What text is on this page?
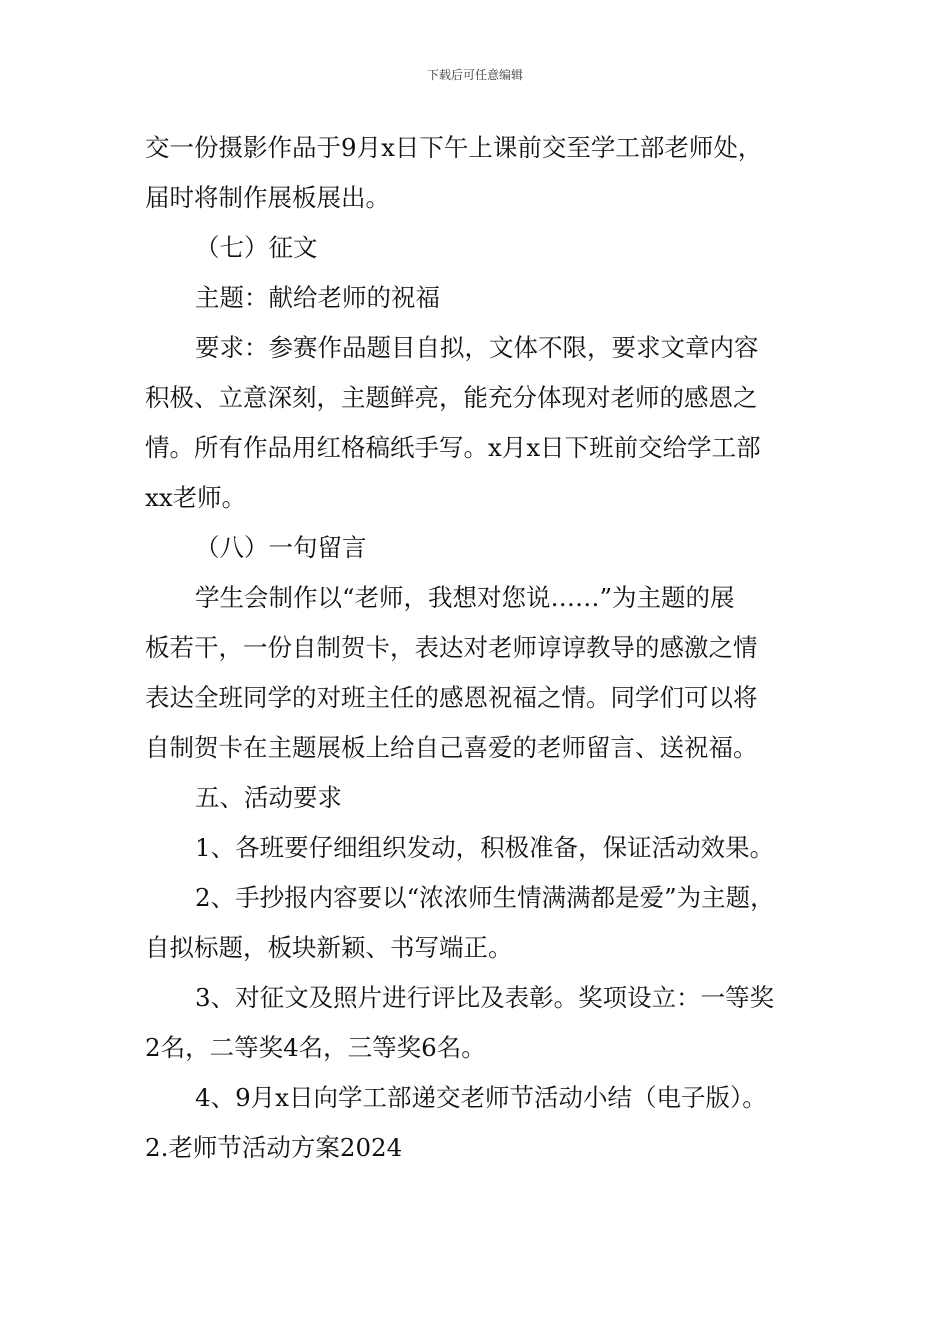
下载后可任意编辑
交一份摄影作品于9月x日下午上课前交至学工部老师处，
届时将制作展板展出。
（七）征文
主题：献给老师的祝福
要求：参赛作品题目自拟，文体不限，要求文章内容
积极、立意深刻，主题鲜亮，能充分体现对老师的感恩之
情。所有作品用红格稿纸手写。x月x日下班前交给学工部
xx老师。
（八）一句留言
学生会制作以“老师，我想对您说……”为主题的展
板若干，一份自制贺卡，表达对老师谆谆教导的感激之情
表达全班同学的对班主任的感恩祝福之情。同学们可以将
自制贺卡在主题展板上给自己喜爱的老师留言、送祝福。
五、活动要求
1、各班要仔细组织发动，积极准备，保证活动效果。
2、手抄报内容要以“浓浓师生情满满都是爱”为主题，
自拟标题，板块新颖、书写端正。
3、对征文及照片进行评比及表彰。奖项设立：一等奖
2名，二等奖4名，三等奖6名。
4、9月x日向学工部递交老师节活动小结（电子版）。
2.老师节活动方案2024
